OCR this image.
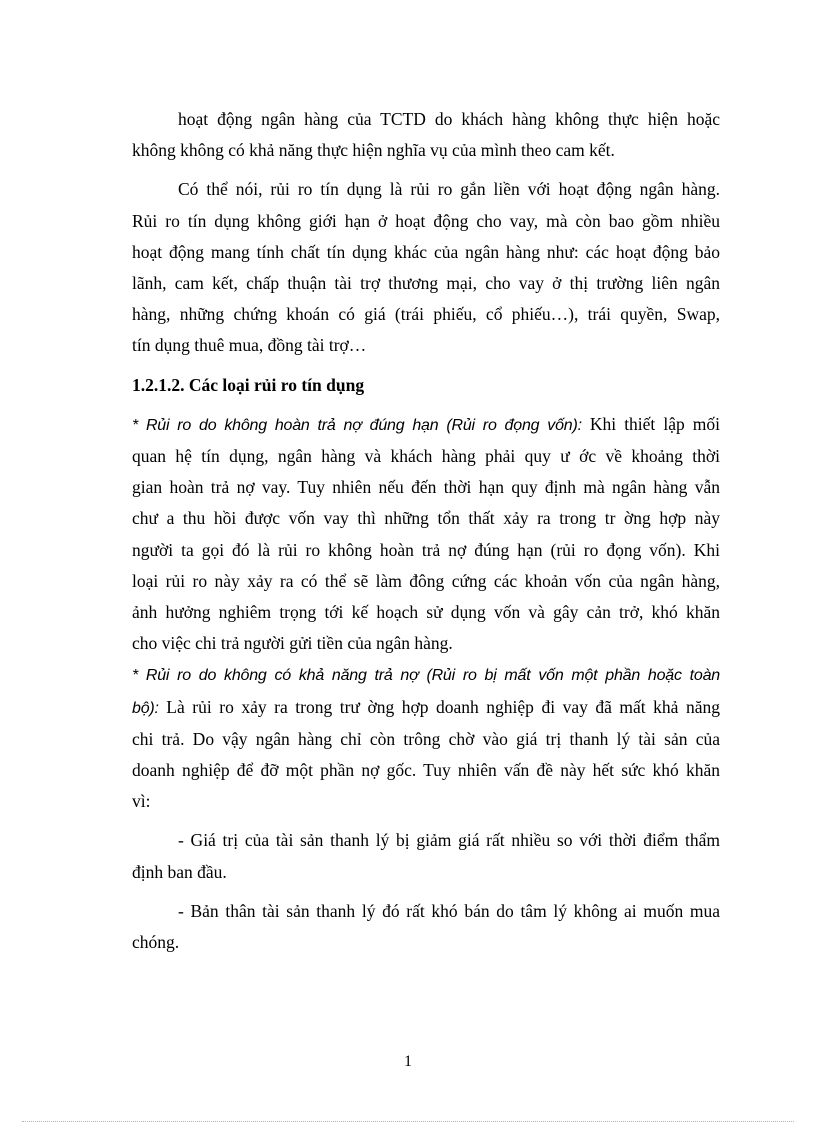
hoạt động ngân hàng của TCTD do khách hàng không thực hiện hoặc
không không có khả năng thực hiện nghĩa vụ của mình theo cam kết.

Có thể nói, rủi ro tín dụng là rủi ro gắn liền với hoạt động ngân hàng.
Rủi ro tín dụng không giới hạn ở hoạt động cho vay, mà còn bao gồm nhiều
hoạt động mang tính chất tín dụng khác của ngân hàng như: các hoạt động bảo
lãnh, cam kết, chấp thuận tài trợ thương mại, cho vay ở thị trường liên ngân
hàng, những chứng khoán có giá (trái phiếu, cổ phiếu…), trái quyền, Swap,
tín dụng thuê mua, đồng tài trợ…

1.2.1.2. Các loại rủi ro tín dụng

* Rủi ro do không hoàn trả nợ đúng hạn (Rủi ro đọng vốn): Khi thiết lập mối
quan hệ tín dụng, ngân hàng và khách hàng phải quy ư ớc về khoảng thời
gian hoàn trả nợ vay. Tuy nhiên nếu đến thời hạn quy định mà ngân hàng vẫn
chư a thu hồi được vốn vay thì những tổn thất xảy ra trong tr ờng hợp này
người ta gọi đó là rủi ro không hoàn trả nợ đúng hạn (rủi ro đọng vốn). Khi
loại rủi ro này xảy ra có thể sẽ làm đông cứng các khoản vốn của ngân hàng,
ảnh hưởng nghiêm trọng tới kế hoạch sử dụng vốn và gây cản trở, khó khăn
cho việc chi trả người gửi tiền của ngân hàng.

* Rủi ro do không có khả năng trả nợ (Rủi ro bị mất vốn một phần hoặc toàn
bộ): Là rủi ro xảy ra trong trư ờng hợp doanh nghiệp đi vay đã mất khả năng
chi trả. Do vậy ngân hàng chỉ còn trông chờ vào giá trị thanh lý tài sản của
doanh nghiệp để đỡ một phần nợ gốc. Tuy nhiên vấn đề này hết sức khó khăn
vì:

- Giá trị của tài sản thanh lý bị giảm giá rất nhiều so với thời điểm thẩm
định ban đầu.

- Bản thân tài sản thanh lý đó rất khó bán do tâm lý không ai muốn mua
chóng.

1
